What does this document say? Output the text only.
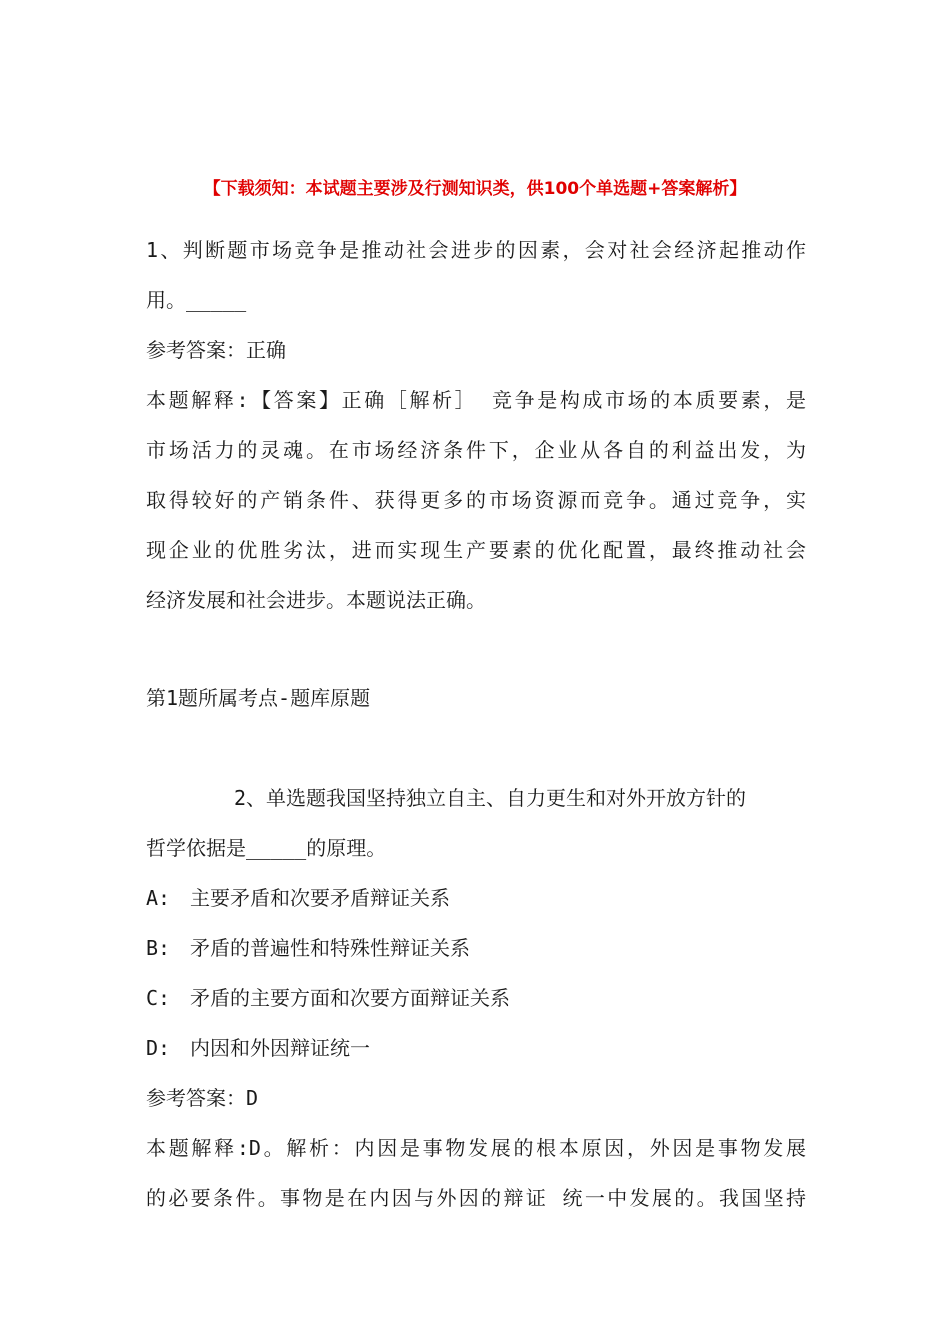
【下载须知：本试题主要涉及行测知识类，供100个单选题+答案解析】
1、判断题市场竞争是推动社会进步的因素，会对社会经济起推动作
用。_____
参考答案：正确
本题解释:【答案】正确［解析］ 竞争是构成市场的本质要素，是
市场活力的灵魂。在市场经济条件下，企业从各自的利益出发，为
取得较好的产销条件、获得更多的市场资源而竞争。通过竞争，实
现企业的优胜劣汰，进而实现生产要素的优化配置，最终推动社会
经济发展和社会进步。本题说法正确。
第1题所属考点-题库原题
2、单选题我国坚持独立自主、自力更生和对外开放方针的
哲学依据是_____的原理。
A: 主要矛盾和次要矛盾辩证关系
B: 矛盾的普遍性和特殊性辩证关系
C: 矛盾的主要方面和次要方面辩证关系
D: 内因和外因辩证统一
参考答案：D
本题解释:D。解析：内因是事物发展的根本原因，外因是事物发展
的必要条件。事物是在内因与外因的辩证 统一中发展的。我国坚持
